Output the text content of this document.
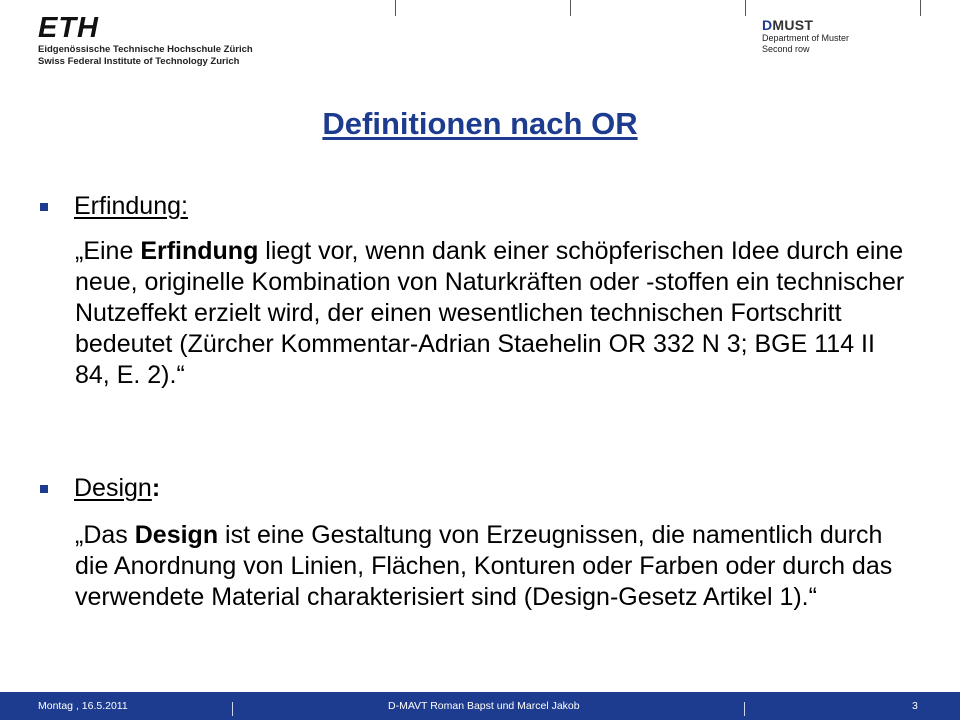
ETH
Eidgenössische Technische Hochschule Zürich
Swiss Federal Institute of Technology Zurich
DMUST
Department of Muster
Second row
Definitionen nach OR
Erfindung:
„Eine Erfindung liegt vor, wenn dank einer schöpferischen Idee durch eine neue, originelle Kombination von Naturkräften oder -stoffen ein technischer Nutzeffekt erzielt wird, der einen wesentlichen technischen Fortschritt bedeutet (Zürcher Kommentar-Adrian Staehelin OR 332 N 3; BGE 114 II 84, E. 2).“
Design :
„Das Design ist eine Gestaltung von Erzeugnissen, die namentlich durch die Anordnung von Linien, Flächen, Konturen oder Farben oder durch das verwendete Material charakterisiert sind (Design-Gesetz Artikel 1).“
Montag , 16.5.2011	D-MAVT Roman Bapst und Marcel Jakob	3
